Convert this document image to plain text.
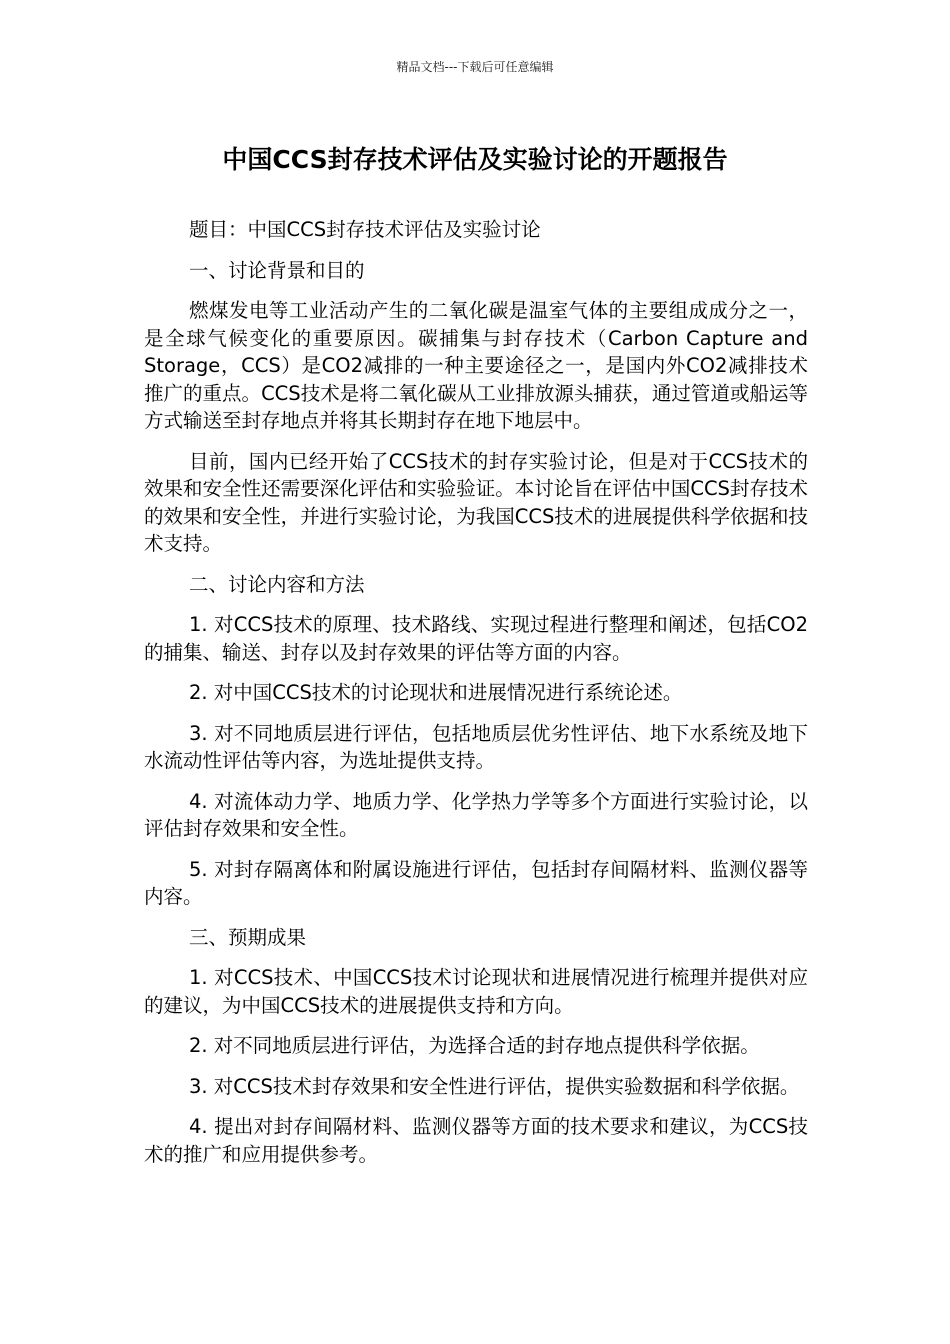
精品文档---下载后可任意编辑
中国CCS封存技术评估及实验讨论的开题报告

题目：中国CCS封存技术评估及实验讨论

一、讨论背景和目的

燃煤发电等工业活动产生的二氧化碳是温室气体的主要组成成分之一，是全球气候变化的重要原因。碳捕集与封存技术（Carbon Capture and Storage，CCS）是CO2减排的一种主要途径之一，是国内外CO2减排技术推广的重点。CCS技术是将二氧化碳从工业排放源头捕获，通过管道或船运等方式输送至封存地点并将其长期封存在地下地层中。

目前，国内已经开始了CCS技术的封存实验讨论，但是对于CCS技术的效果和安全性还需要深化评估和实验验证。本讨论旨在评估中国CCS封存技术的效果和安全性，并进行实验讨论，为我国CCS技术的进展提供科学依据和技术支持。

二、讨论内容和方法

1. 对CCS技术的原理、技术路线、实现过程进行整理和阐述，包括CO2的捕集、输送、封存以及封存效果的评估等方面的内容。

2. 对中国CCS技术的讨论现状和进展情况进行系统论述。

3. 对不同地质层进行评估，包括地质层优劣性评估、地下水系统及地下水流动性评估等内容，为选址提供支持。

4. 对流体动力学、地质力学、化学热力学等多个方面进行实验讨论，以评估封存效果和安全性。

5. 对封存隔离体和附属设施进行评估，包括封存间隔材料、监测仪器等内容。

三、预期成果

1. 对CCS技术、中国CCS技术讨论现状和进展情况进行梳理并提供对应的建议，为中国CCS技术的进展提供支持和方向。

2. 对不同地质层进行评估，为选择合适的封存地点提供科学依据。

3. 对CCS技术封存效果和安全性进行评估，提供实验数据和科学依据。

4. 提出对封存间隔材料、监测仪器等方面的技术要求和建议，为CCS技术的推广和应用提供参考。
